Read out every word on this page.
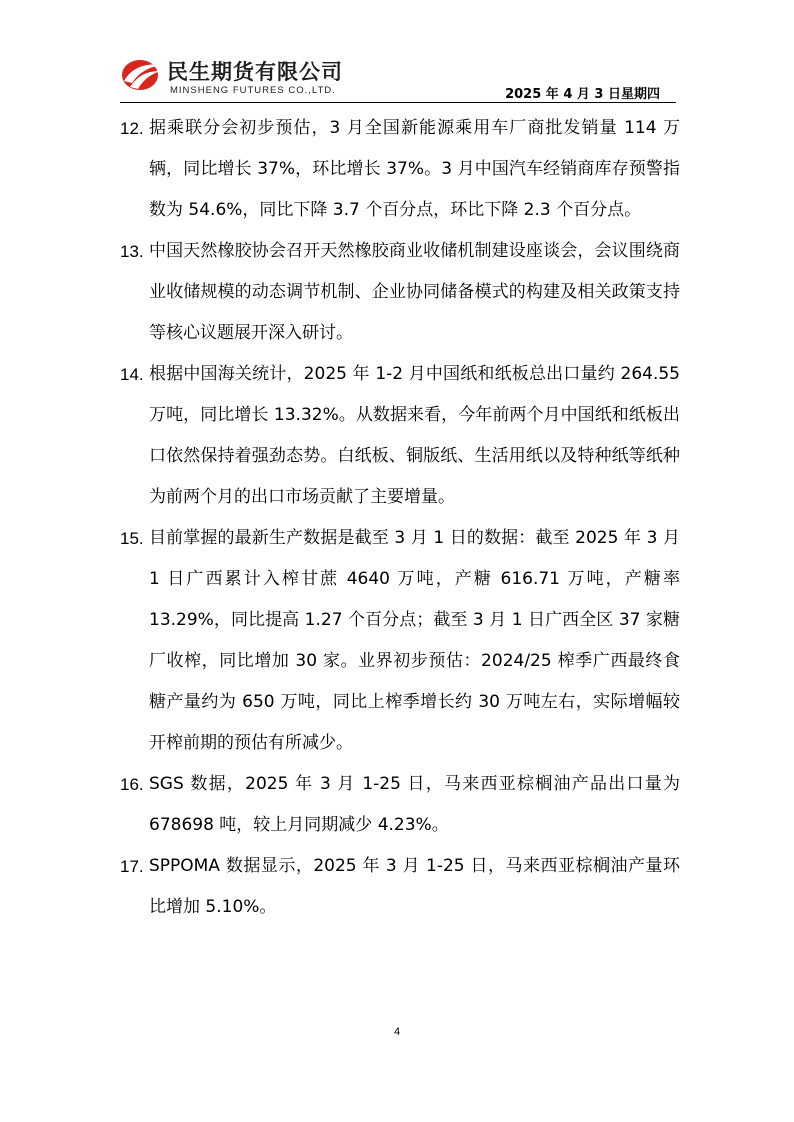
民生期货有限公司
MINSHENG FUTURES CO.,LTD.	2025 年 4 月 3 日星期四
12. 据乘联分会初步预估，3 月全国新能源乘用车厂商批发销量 114 万辆，同比增长 37%，环比增长 37%。3 月中国汽车经销商库存预警指数为 54.6%，同比下降 3.7 个百分点，环比下降 2.3 个百分点。
13. 中国天然橡胶协会召开天然橡胶商业收储机制建设座谈会，会议围绕商业收储规模的动态调节机制、企业协同储备模式的构建及相关政策支持等核心议题展开深入研讨。
14. 根据中国海关统计，2025 年 1-2 月中国纸和纸板总出口量约 264.55 万吨，同比增长 13.32%。从数据来看，今年前两个月中国纸和纸板出口依然保持着强劲态势。白纸板、铜版纸、生活用纸以及特种纸等纸种为前两个月的出口市场贡献了主要增量。
15. 目前掌握的最新生产数据是截至 3 月 1 日的数据：截至 2025 年 3 月 1 日广西累计入榨甘蔗 4640 万吨，产糖 616.71 万吨，产糖率 13.29%，同比提高 1.27 个百分点；截至 3 月 1 日广西全区 37 家糖厂收榨，同比增加 30 家。业界初步预估：2024/25 榨季广西最终食糖产量约为 650 万吨，同比上榨季增长约 30 万吨左右，实际增幅较开榨前期的预估有所减少。
16. SGS 数据，2025 年 3 月 1-25 日，马来西亚棕榈油产品出口量为 678698 吨，较上月同期减少 4.23%。
17. SPPOMA 数据显示，2025 年 3 月 1-25 日，马来西亚棕榈油产量环比增加 5.10%。
4
